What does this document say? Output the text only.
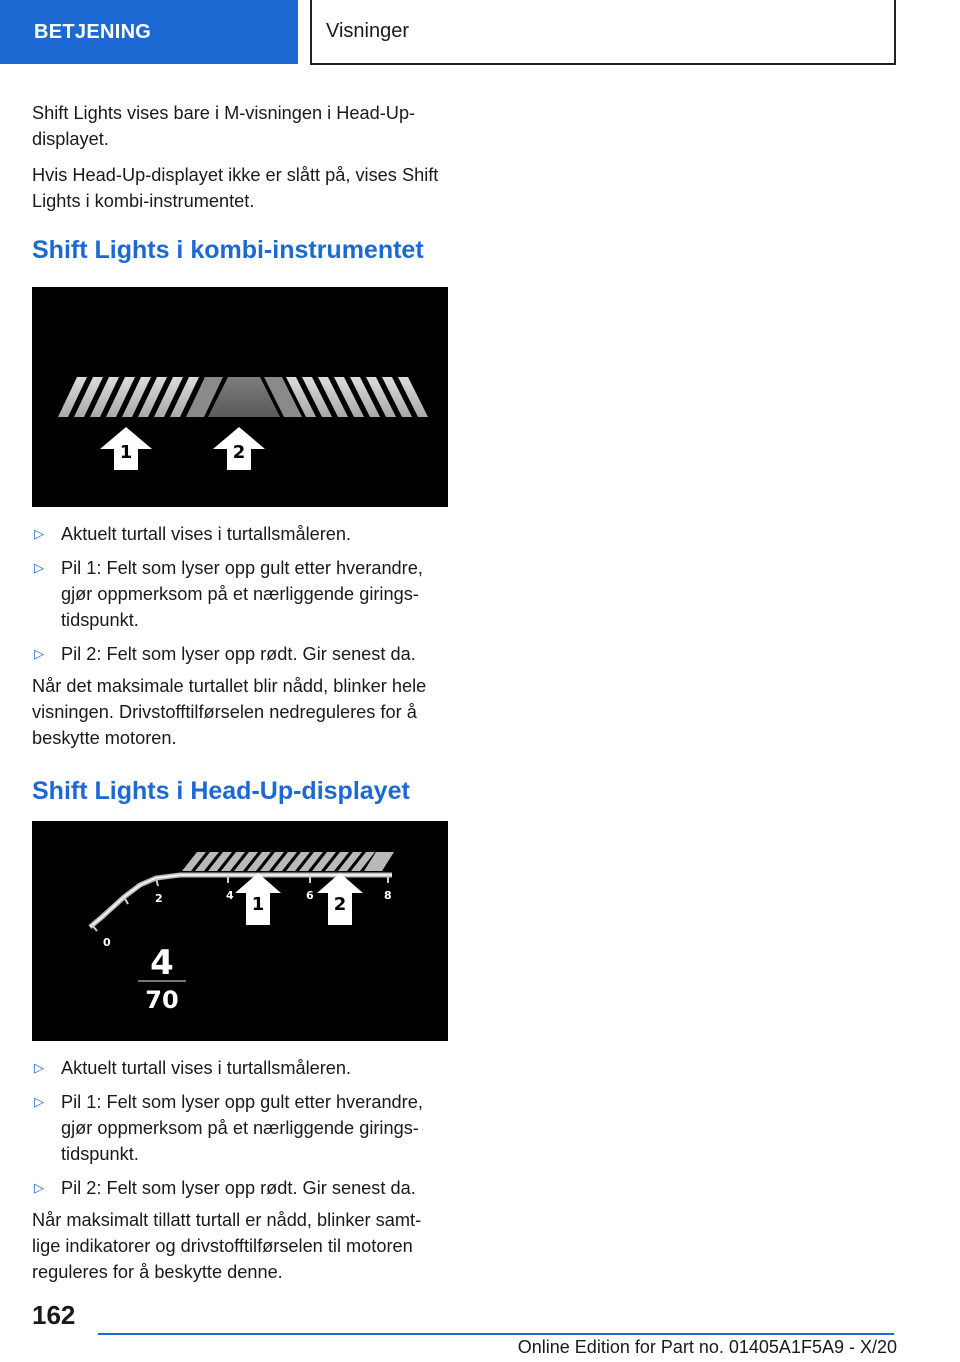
BETJENING	Visninger

Shift Lights vises bare i M-visningen i Head-Up-displayet.

Hvis Head-Up-displayet ikke er slått på, vises Shift Lights i kombi-instrumentet.

Shift Lights i kombi-instrumentet
1	2
▷ Aktuelt turtall vises i turtallsmåleren.
▷ Pil 1: Felt som lyser opp gult etter hverandre, gjør oppmerksom på et nærliggende girings-tidspunkt.
▷ Pil 2: Felt som lyser opp rødt. Gir senest da.

Når det maksimale turtallet blir nådd, blinker hele visningen. Drivstofftilførselen nedreguleres for å beskytte motoren.

Shift Lights i Head-Up-displayet
0
2	4	6	8
1	2
4
70
▷ Aktuelt turtall vises i turtallsmåleren.
▷ Pil 1: Felt som lyser opp gult etter hverandre, gjør oppmerksom på et nærliggende girings-tidspunkt.
▷ Pil 2: Felt som lyser opp rødt. Gir senest da.

Når maksimalt tillatt turtall er nådd, blinker samt-lige indikatorer og drivstofftilførselen til motoren reguleres for å beskytte denne.

162
Online Edition for Part no. 01405A1F5A9 - X/20
